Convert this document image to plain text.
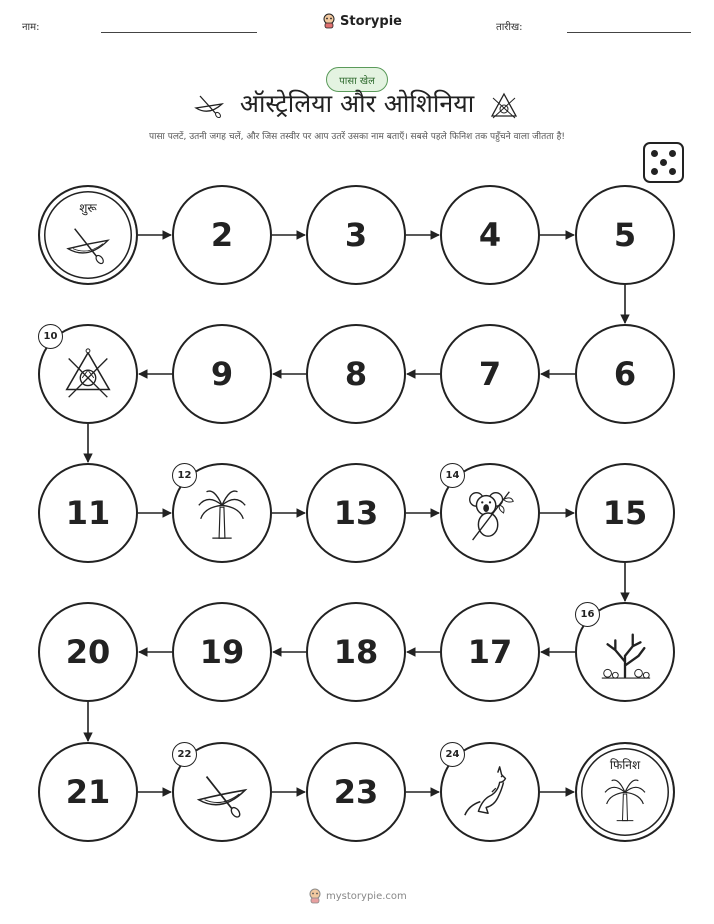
नाम:	Storypie	तारीख:
पासा खेल
ऑस्ट्रेलिया और ओशिनिया
पासा पलटें, उतनी जगह चलें, और जिस तस्वीर पर आप उतरें उसका नाम बताएँ। सबसे पहले फिनिश तक पहुँचने वाला जीतता है!
शुरू
2	3	4	5
6
7
8
9
10
11
12
13
14
15
16
17
18
19
20
21
22
23
24
फिनिश
mystorypie.com
